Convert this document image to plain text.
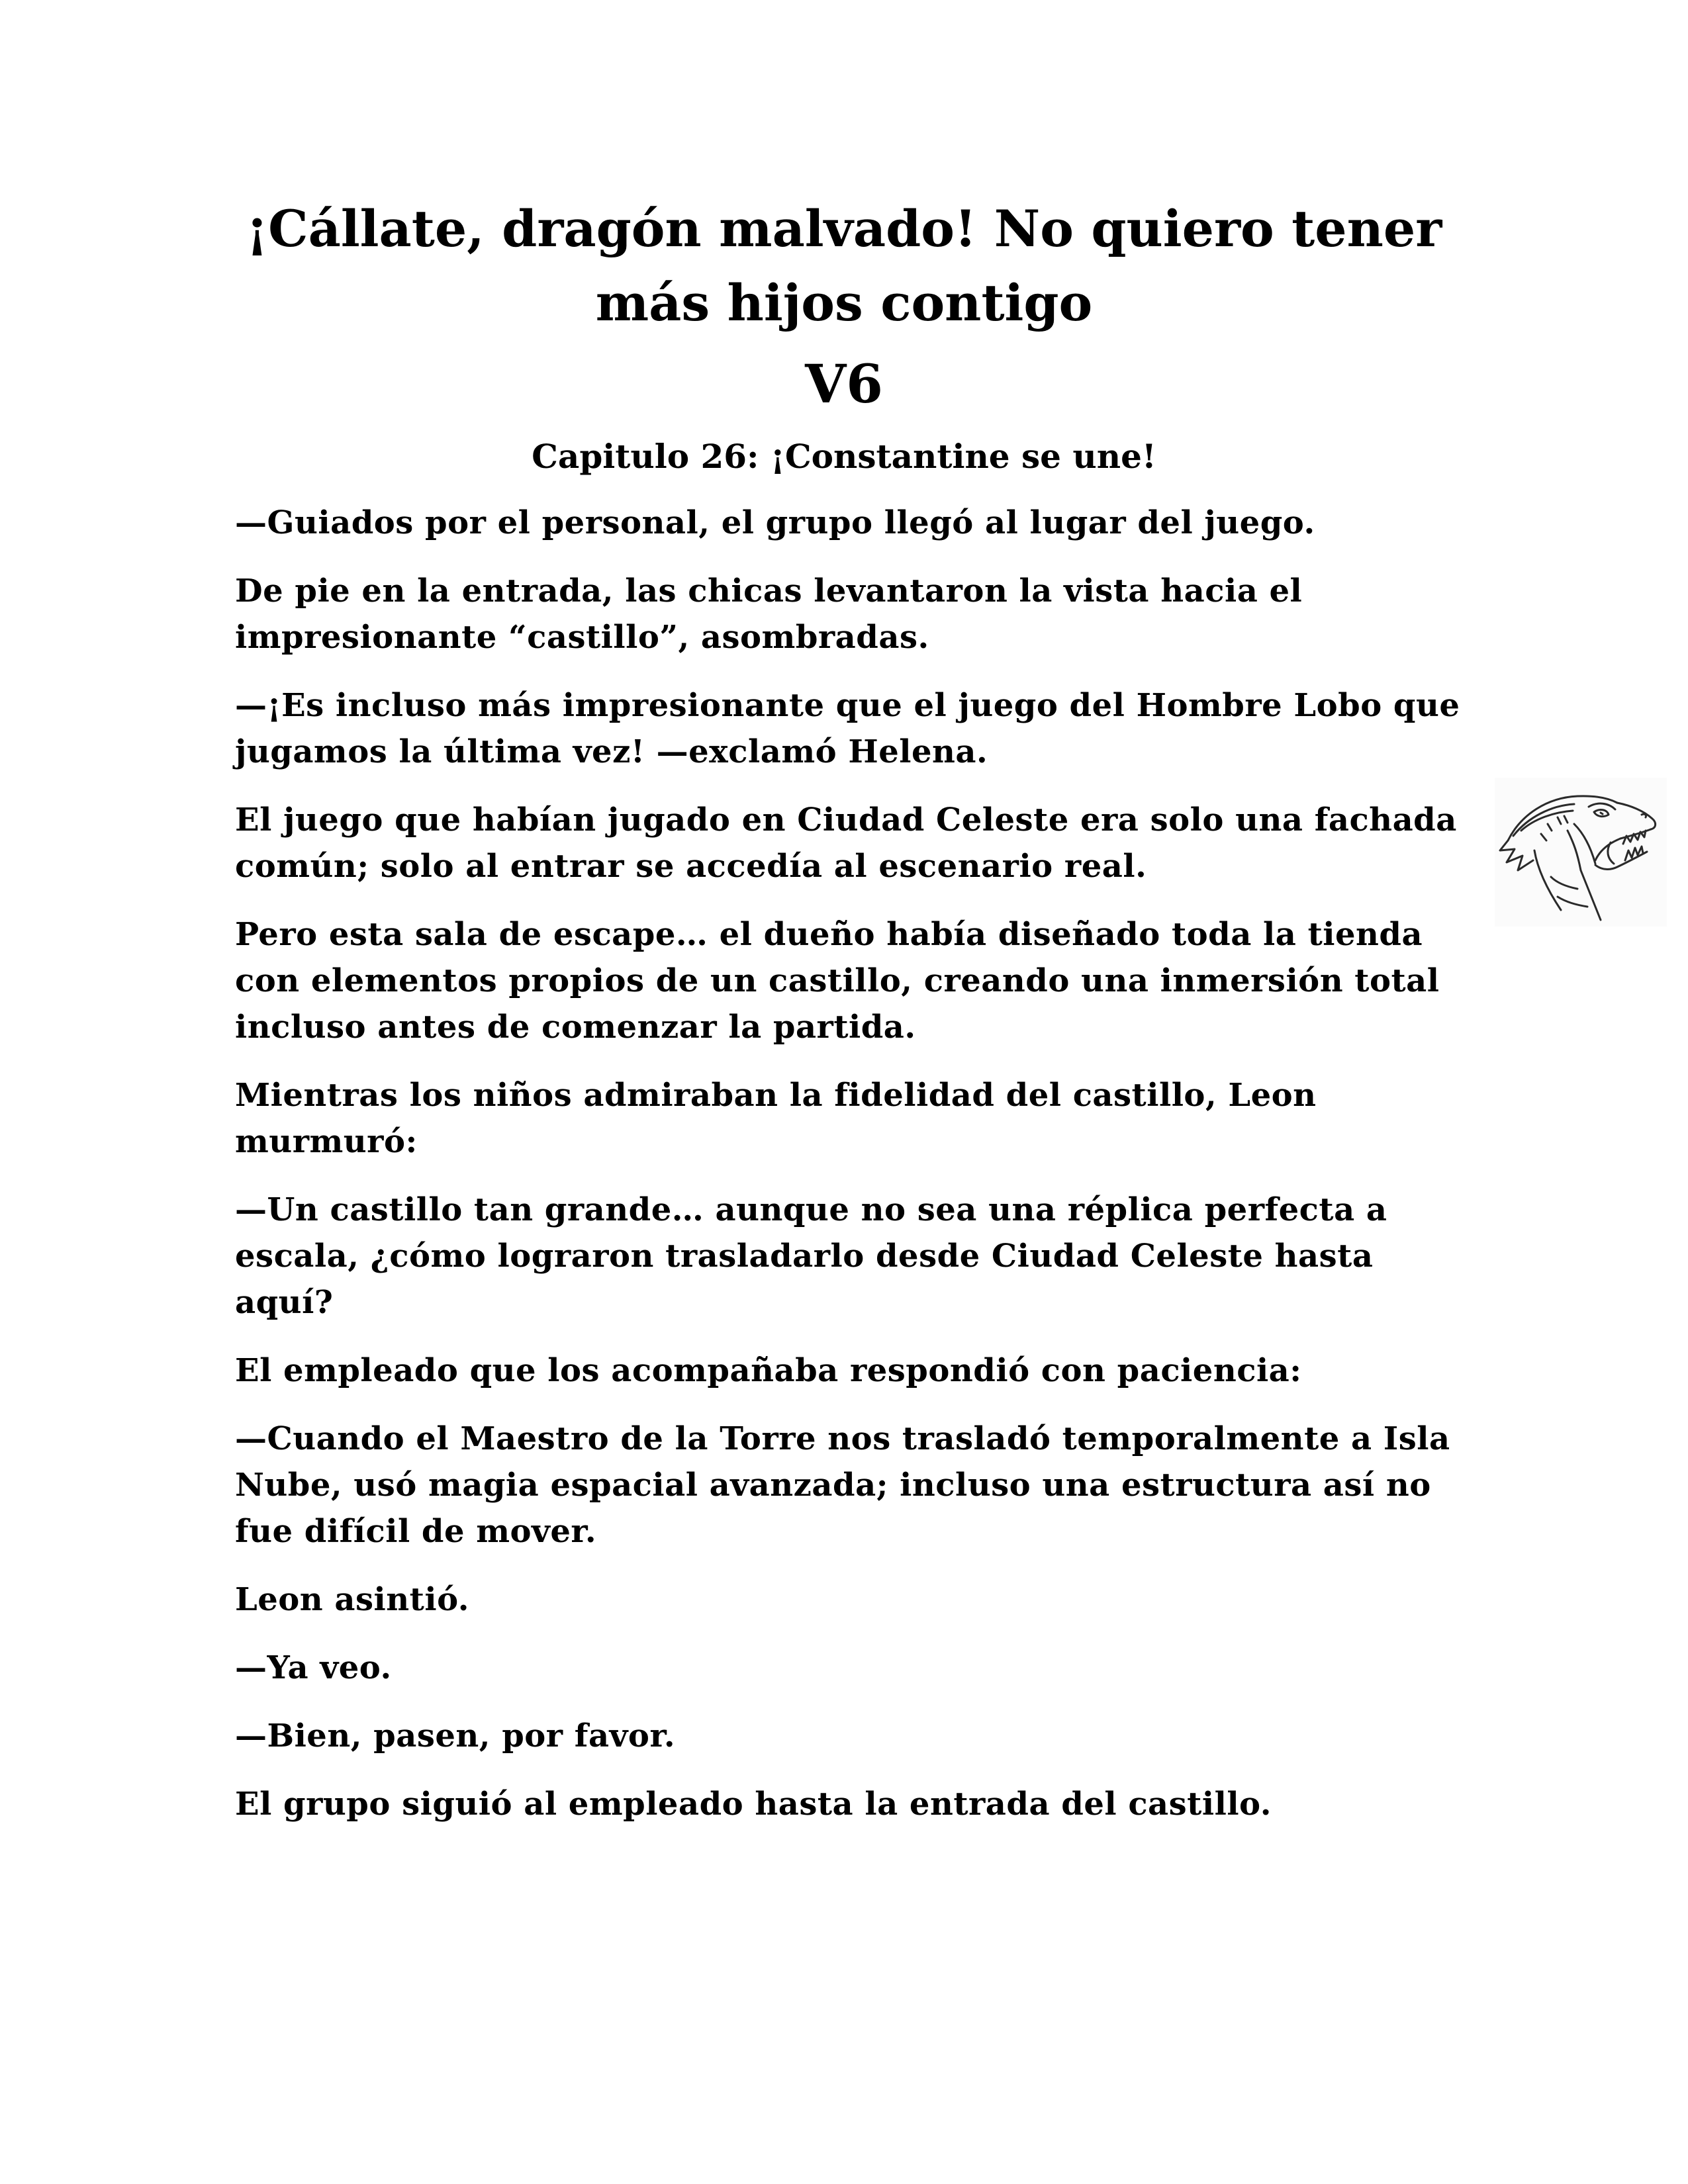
¡Cállate, dragón malvado! No quiero tener más hijos contigo
V6
Capitulo 26: ¡Constantine se une!

—Guiados por el personal, el grupo llegó al lugar del juego.

De pie en la entrada, las chicas levantaron la vista hacia el impresionante “castillo”, asombradas.

—¡Es incluso más impresionante que el juego del Hombre Lobo que jugamos la última vez! —exclamó Helena.

El juego que habían jugado en Ciudad Celeste era solo una fachada común; solo al entrar se accedía al escenario real.

Pero esta sala de escape… el dueño había diseñado toda la tienda con elementos propios de un castillo, creando una inmersión total incluso antes de comenzar la partida.

Mientras los niños admiraban la fidelidad del castillo, Leon murmuró:

—Un castillo tan grande… aunque no sea una réplica perfecta a escala, ¿cómo lograron trasladarlo desde Ciudad Celeste hasta aquí?

El empleado que los acompañaba respondió con paciencia:

—Cuando el Maestro de la Torre nos trasladó temporalmente a Isla Nube, usó magia espacial avanzada; incluso una estructura así no fue difícil de mover.

Leon asintió.

—Ya veo.

—Bien, pasen, por favor.

El grupo siguió al empleado hasta la entrada del castillo.
